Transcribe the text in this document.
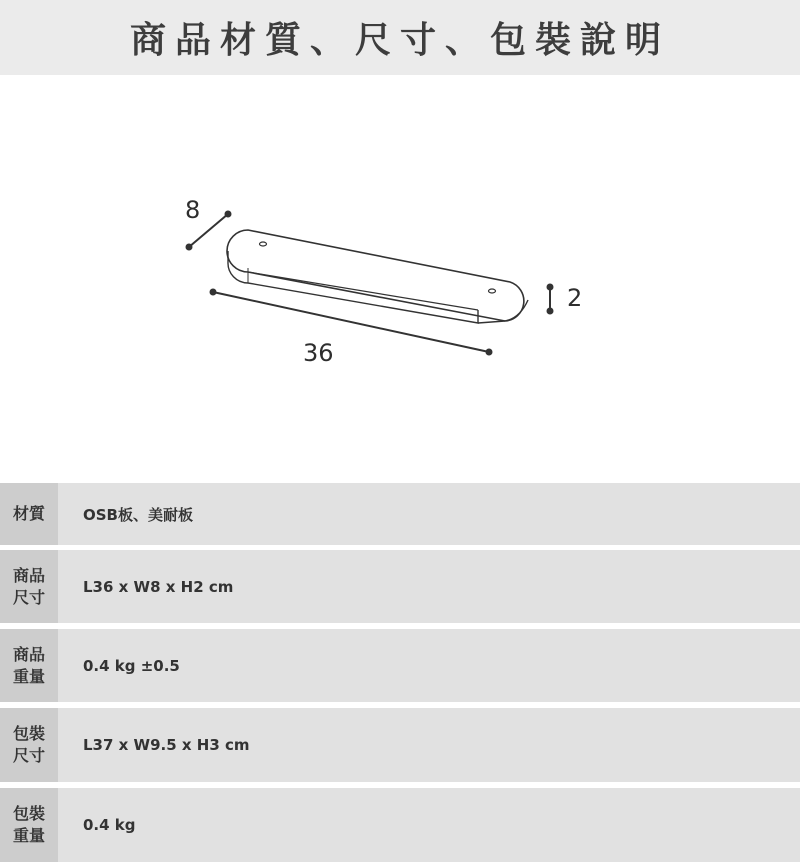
商品材質、尺寸、包裝說明
8
36
2
材質	OSB板、美耐板
商品
尺寸
L36 x W8 x H2 cm
商品
重量
0.4 kg ±0.5
包裝
尺寸
L37 x W9.5 x H3 cm
包裝
重量
0.4 kg
